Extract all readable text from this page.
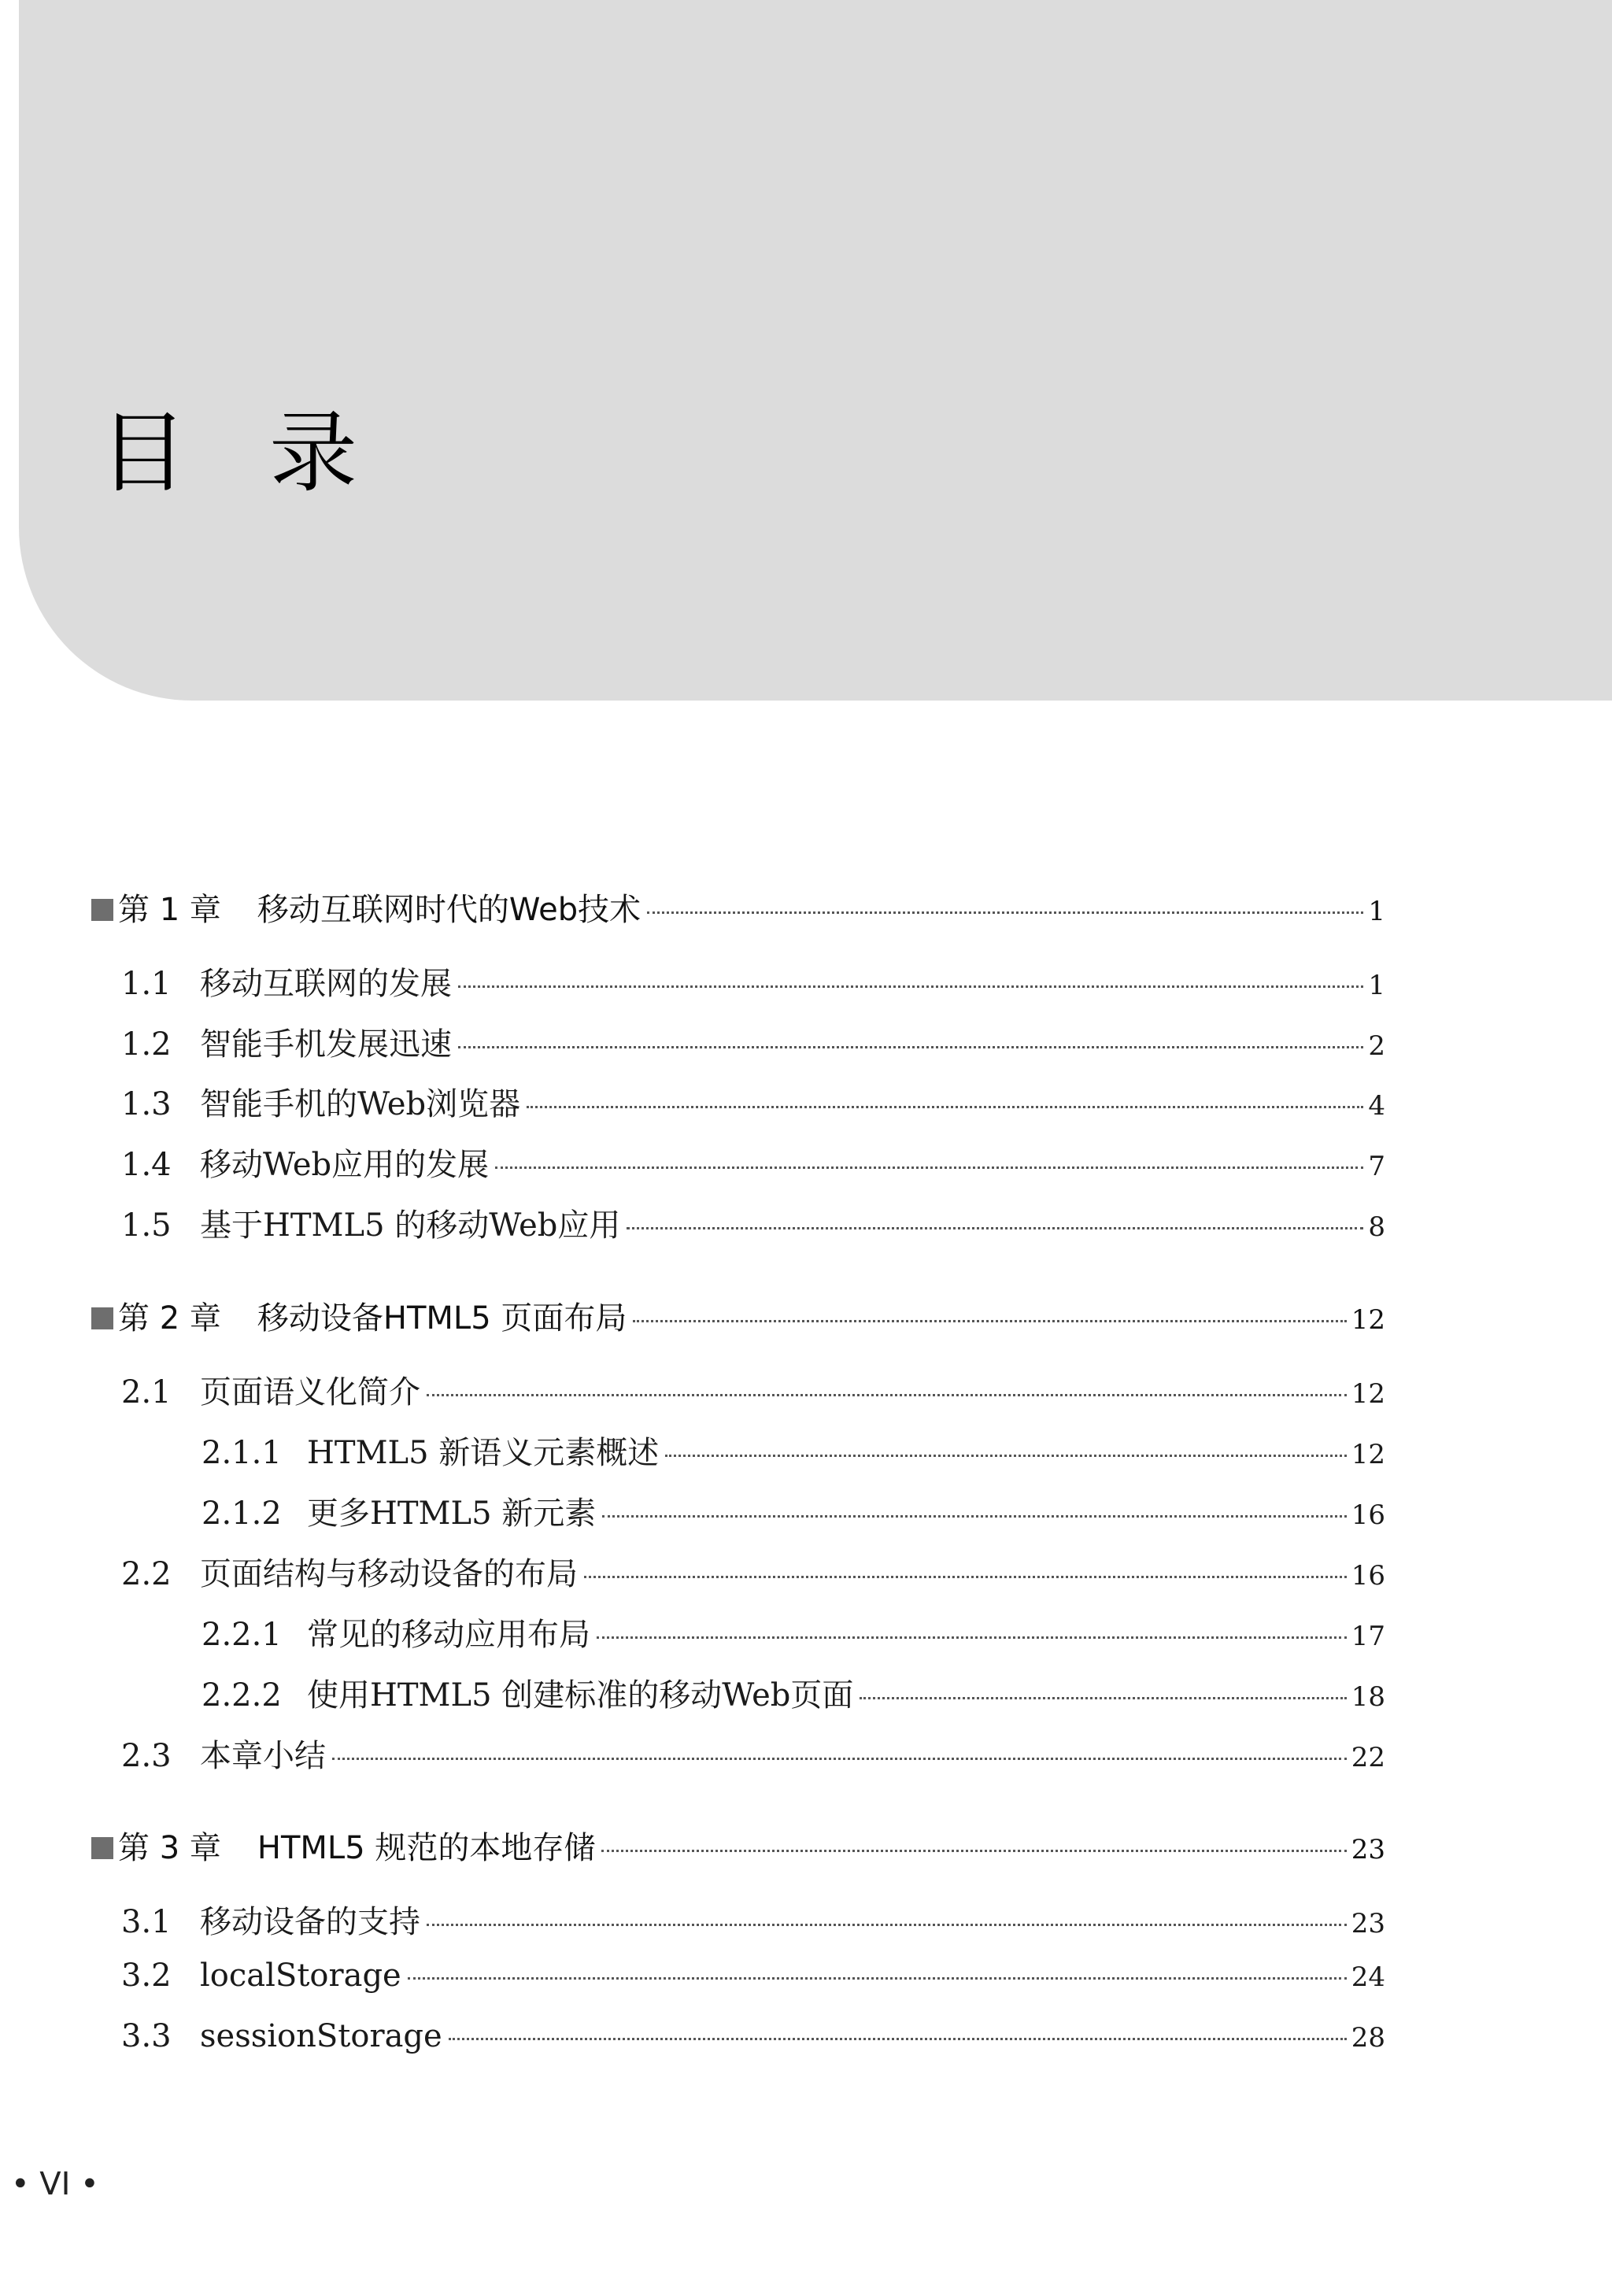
目录
第 1 章 移动互联网时代的Web技术	1
1.1 移动互联网的发展	1
1.2 智能手机发展迅速	2
1.3 智能手机的Web浏览器	4
1.4 移动Web应用的发展	7
1.5 基于HTML5 的移动Web应用	8
第 2 章 移动设备HTML5 页面布局	12
2.1 页面语义化简介	12
2.1.1 HTML5 新语义元素概述	12
2.1.2 更多HTML5 新元素	16
2.2 页面结构与移动设备的布局	16
2.2.1 常见的移动应用布局	17
2.2.2 使用HTML5 创建标准的移动Web页面	18
2.3 本章小结	22
第 3 章 HTML5 规范的本地存储	23
3.1 移动设备的支持	23
3.2 localStorage	24
3.3 sessionStorage	28
• VI •
